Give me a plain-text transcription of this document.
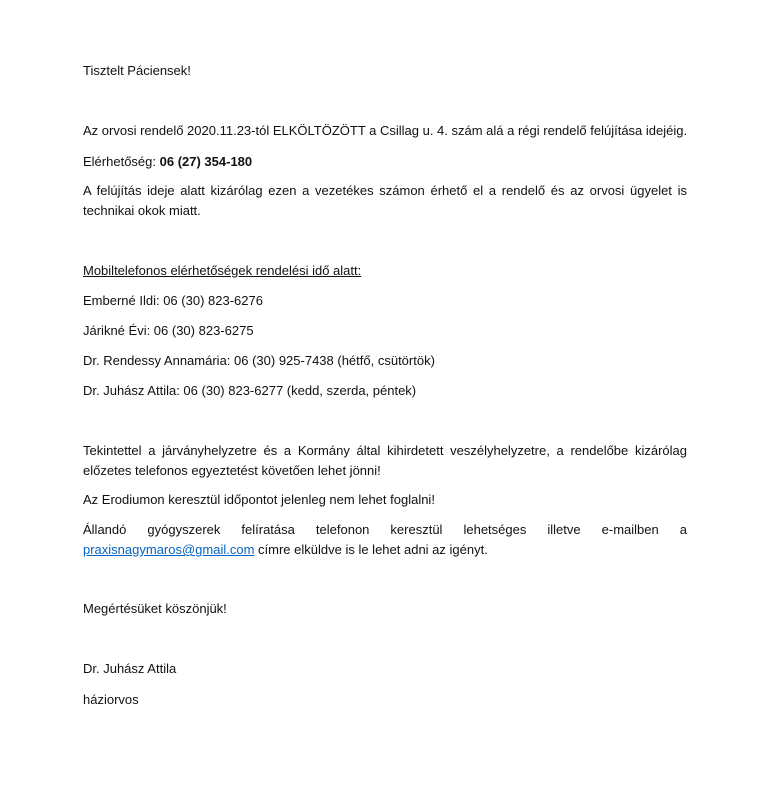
Tisztelt Páciensek!
Az orvosi rendelő 2020.11.23-tól ELKÖLTÖZÖTT a Csillag u. 4. szám alá a régi rendelő felújítása idejéig.
Elérhetőség: 06 (27) 354-180
A felújítás ideje alatt kizárólag ezen a vezetékes számon érhető el a rendelő és az orvosi ügyelet is
technikai okok miatt.
Mobiltelefonos elérhetőségek rendelési idő alatt:
Emberné Ildi: 06 (30) 823-6276
Járikné Évi: 06 (30) 823-6275
Dr. Rendessy Annamária: 06 (30) 925-7438 (hétfő, csütörtök)
Dr. Juhász Attila: 06 (30) 823-6277 (kedd, szerda, péntek)
Tekintettel a járványhelyzetre és a Kormány által kihirdetett veszélyhelyzetre, a rendelőbe kizárólag
előzetes telefonos egyeztetést követően lehet jönni!
Az Erodiumon keresztül időpontot jelenleg nem lehet foglalni!
Állandó gyógyszerek felíratása telefonon keresztül lehetséges illetve e-mailben a
praxisnagymaros@gmail.com címre elküldve is le lehet adni az igényt.
Megértésüket köszönjük!
Dr. Juhász Attila
háziorvos
